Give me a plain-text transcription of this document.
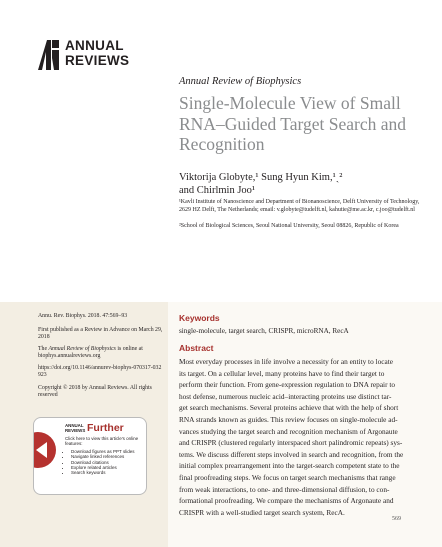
ANNUAL
REVIEWS
Annual Review of Biophysics
Single-Molecule View of Small RNA–Guided Target Search and Recognition
Viktorija Globyte,¹ Sung Hyun Kim,¹ˎ²
and Chirlmin Joo¹
¹Kavli Institute of Nanoscience and Department of Bionanoscience, Delft University of Technology, 2629 HZ Delft, The Netherlands; email: v.globyte@tudelft.nl, kahutie@me.ac.kr, c.joo@tudelft.nl
²School of Biological Sciences, Seoul National University, Seoul 08826, Republic of Korea
Annu. Rev. Biophys. 2018. 47:569–93
First published as a Review in Advance on March 29, 2018
The Annual Review of Biophysics is online at biophys.annualreviews.org
https://doi.org/10.1146/annurev-biophys-070317-032923
Copyright © 2018 by Annual Reviews. All rights reserved
ANNUAL
REVIEWS Further
Click here to view this article's online features:
• Download figures as PPT slides
• Navigate linked references
• Download citations
• Explore related articles
• Search keywords
Keywords
single-molecule, target search, CRISPR, microRNA, RecA
Abstract
Most everyday processes in life involve a necessity for an entity to locate
its target. On a cellular level, many proteins have to find their target to
perform their function. From gene-expression regulation to DNA repair to
host defense, numerous nucleic acid–interacting proteins use distinct tar-
get search mechanisms. Several proteins achieve that with the help of short
RNA strands known as guides. This review focuses on single-molecule ad-
vances studying the target search and recognition mechanism of Argonaute
and CRISPR (clustered regularly interspaced short palindromic repeats) sys-
tems. We discuss different steps involved in search and recognition, from the
initial complex prearrangement into the target-search competent state to the
final proofreading steps. We focus on target search mechanisms that range
from weak interactions, to one- and three-dimensional diffusion, to con-
formational proofreading. We compare the mechanisms of Argonaute and
CRISPR with a well-studied target search system, RecA.
569
